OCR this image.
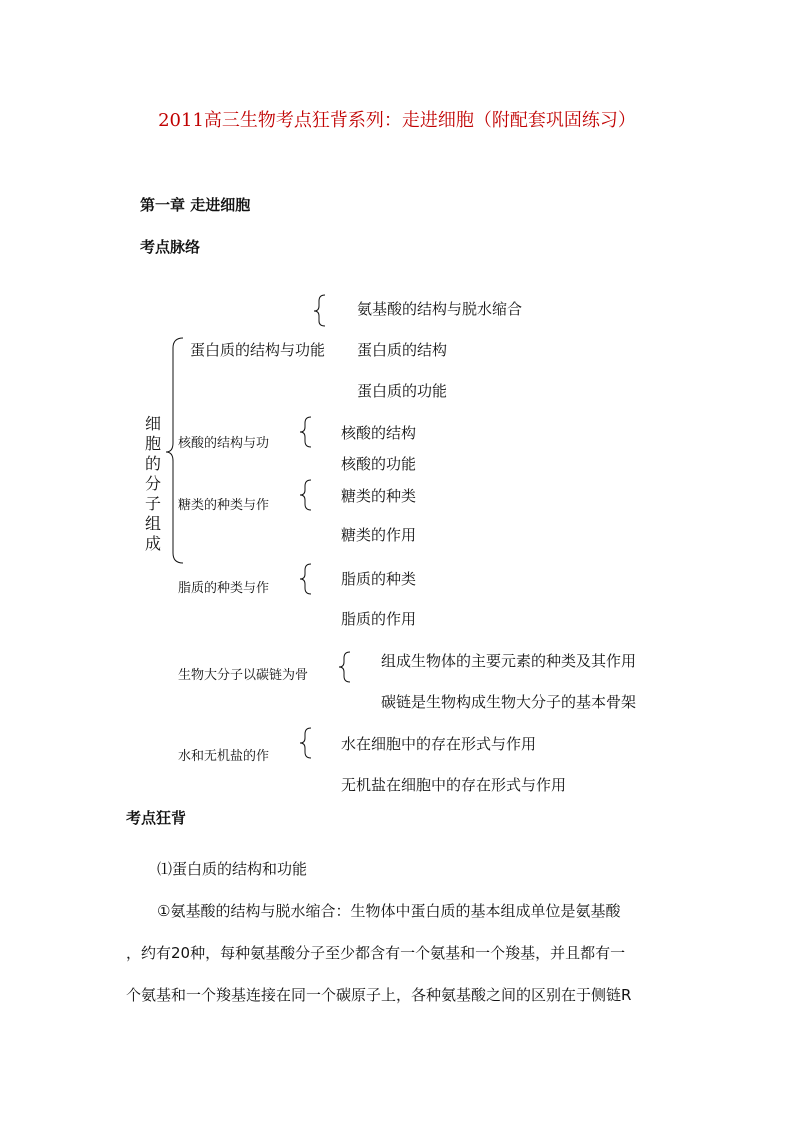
2011高三生物考点狂背系列：走进细胞（附配套巩固练习）
第一章 走进细胞
考点脉络
细胞的分子组成
氨基酸的结构与脱水缩合
蛋白质的结构与功能 蛋白质的结构
蛋白质的功能
核酸的结构与功
核酸的结构
核酸的功能
糖类的种类与作
糖类的种类
糖类的作用
脂质的种类与作
脂质的种类
脂质的作用
生物大分子以碳链为骨
组成生物体的主要元素的种类及其作用
碳链是生物构成生物大分子的基本骨架
水和无机盐的作
水在细胞中的存在形式与作用
无机盐在细胞中的存在形式与作用
考点狂背
⑴蛋白质的结构和功能
①氨基酸的结构与脱水缩合：生物体中蛋白质的基本组成单位是氨基酸
，约有20种，每种氨基酸分子至少都含有一个氨基和一个羧基，并且都有一
个氨基和一个羧基连接在同一个碳原子上，各种氨基酸之间的区别在于侧链R
